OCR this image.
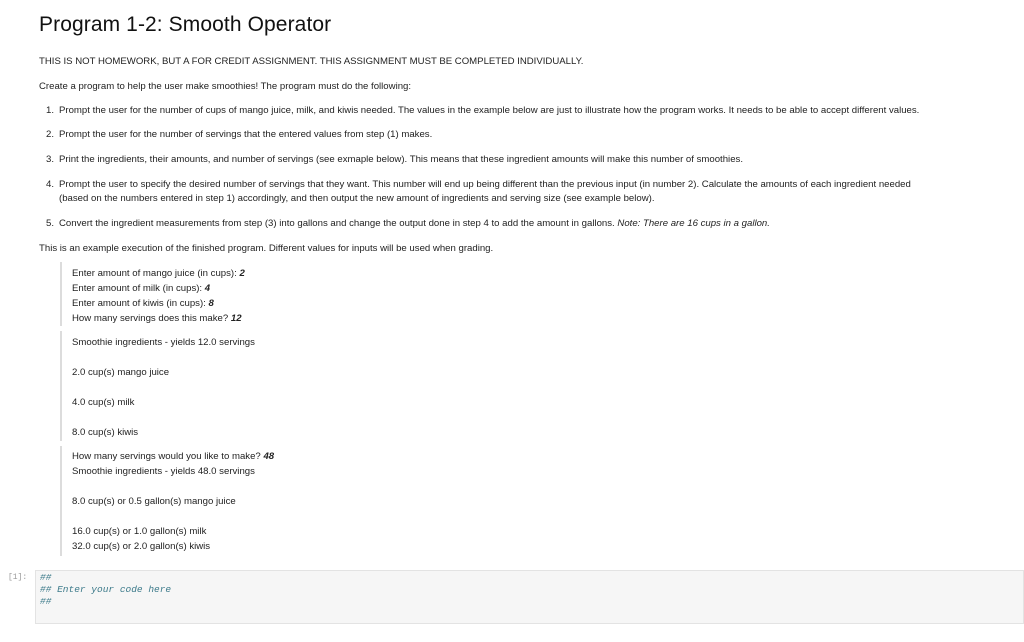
Program 1-2: Smooth Operator
THIS IS NOT HOMEWORK, BUT A FOR CREDIT ASSIGNMENT. THIS ASSIGNMENT MUST BE COMPLETED INDIVIDUALLY.
Create a program to help the user make smoothies! The program must do the following:
1. Prompt the user for the number of cups of mango juice, milk, and kiwis needed. The values in the example below are just to illustrate how the program works. It needs to be able to accept different values.
2. Prompt the user for the number of servings that the entered values from step (1) makes.
3. Print the ingredients, their amounts, and number of servings (see exmaple below). This means that these ingredient amounts will make this number of smoothies.
4. Prompt the user to specify the desired number of servings that they want. This number will end up being different than the previous input (in number 2). Calculate the amounts of each ingredient needed
(based on the numbers entered in step 1) accordingly, and then output the new amount of ingredients and serving size (see example below).
5. Convert the ingredient measurements from step (3) into gallons and change the output done in step 4 to add the amount in gallons. Note: There are 16 cups in a gallon.
This is an example execution of the finished program. Different values for inputs will be used when grading.
Enter amount of mango juice (in cups): 2
Enter amount of milk (in cups): 4
Enter amount of kiwis (in cups): 8
How many servings does this make? 12
Smoothie ingredients - yields 12.0 servings
2.0 cup(s) mango juice
4.0 cup(s) milk
8.0 cup(s) kiwis
How many servings would you like to make? 48
Smoothie ingredients - yields 48.0 servings
8.0 cup(s) or 0.5 gallon(s) mango juice
16.0 cup(s) or 1.0 gallon(s) milk
32.0 cup(s) or 2.0 gallon(s) kiwis
[1]: ##
## Enter your code here
##
